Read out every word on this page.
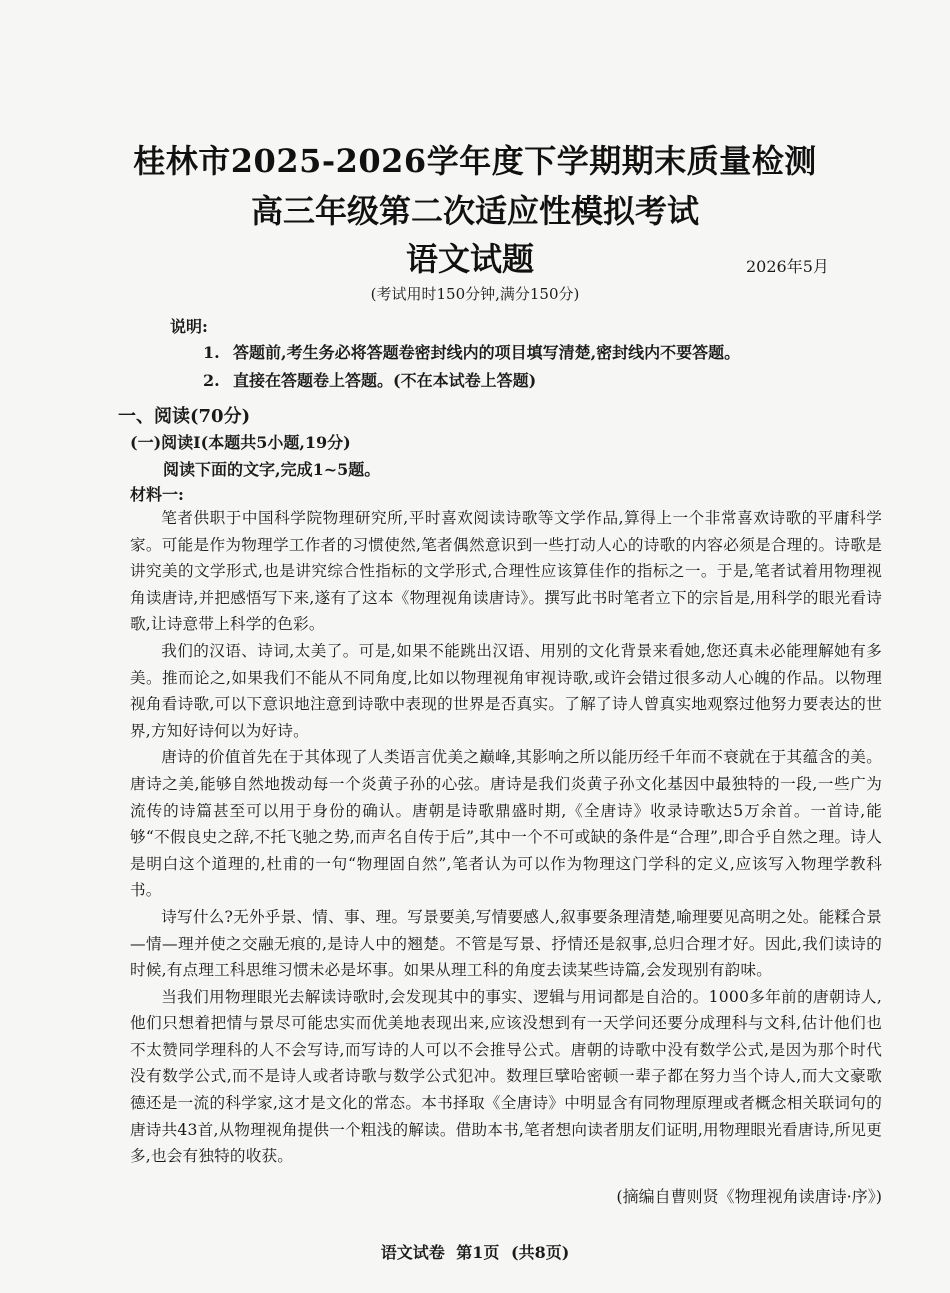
桂林市2025-2026学年度下学期期末质量检测
高三年级第二次适应性模拟考试
语文试题	2026年5月
(考试用时150分钟,满分150分)
说明:
1. 答题前,考生务必将答题卷密封线内的项目填写清楚,密封线内不要答题。
2. 直接在答题卷上答题。(不在本试卷上答题)
一、阅读(70分)
(一)阅读Ⅰ(本题共5小题,19分)
阅读下面的文字,完成1~5题。
材料一:

笔者供职于中国科学院物理研究所,平时喜欢阅读诗歌等文学作品,算得上一个非常喜欢诗歌的平庸科学家。可能是作为物理学工作者的习惯使然,笔者偶然意识到一些打动人心的诗歌的内容必须是合理的。诗歌是讲究美的文学形式,也是讲究综合性指标的文学形式,合理性应该算佳作的指标之一。于是,笔者试着用物理视角读唐诗,并把感悟写下来,遂有了这本《物理视角读唐诗》。撰写此书时笔者立下的宗旨是,用科学的眼光看诗歌,让诗意带上科学的色彩。

我们的汉语、诗词,太美了。可是,如果不能跳出汉语、用别的文化背景来看她,您还真未必能理解她有多美。推而论之,如果我们不能从不同角度,比如以物理视角审视诗歌,或许会错过很多动人心魄的作品。以物理视角看诗歌,可以下意识地注意到诗歌中表现的世界是否真实。了解了诗人曾真实地观察过他努力要表达的世界,方知好诗何以为好诗。

唐诗的价值首先在于其体现了人类语言优美之巅峰,其影响之所以能历经千年而不衰就在于其蕴含的美。唐诗之美,能够自然地拨动每一个炎黄子孙的心弦。唐诗是我们炎黄子孙文化基因中最独特的一段,一些广为流传的诗篇甚至可以用于身份的确认。唐朝是诗歌鼎盛时期,《全唐诗》收录诗歌达5万余首。一首诗,能够“不假良史之辞,不托飞驰之势,而声名自传于后”,其中一个不可或缺的条件是“合理”,即合乎自然之理。诗人是明白这个道理的,杜甫的一句“物理固自然”,笔者认为可以作为物理这门学科的定义,应该写入物理学教科书。

诗写什么?无外乎景、情、事、理。写景要美,写情要感人,叙事要条理清楚,喻理要见高明之处。能糅合景—情—理并使之交融无痕的,是诗人中的翘楚。不管是写景、抒情还是叙事,总归合理才好。因此,我们读诗的时候,有点理工科思维习惯未必是坏事。如果从理工科的角度去读某些诗篇,会发现别有韵味。

当我们用物理眼光去解读诗歌时,会发现其中的事实、逻辑与用词都是自洽的。1000多年前的唐朝诗人,他们只想着把情与景尽可能忠实而优美地表现出来,应该没想到有一天学问还要分成理科与文科,估计他们也不太赞同学理科的人不会写诗,而写诗的人可以不会推导公式。唐朝的诗歌中没有数学公式,是因为那个时代没有数学公式,而不是诗人或者诗歌与数学公式犯冲。数理巨擘哈密顿一辈子都在努力当个诗人,而大文豪歌德还是一流的科学家,这才是文化的常态。本书择取《全唐诗》中明显含有同物理原理或者概念相关联词句的唐诗共43首,从物理视角提供一个粗浅的解读。借助本书,笔者想向读者朋友们证明,用物理眼光看唐诗,所见更多,也会有独特的收获。

(摘编自曹则贤《物理视角读唐诗·序》)
语文试卷 第1页 (共8页)
